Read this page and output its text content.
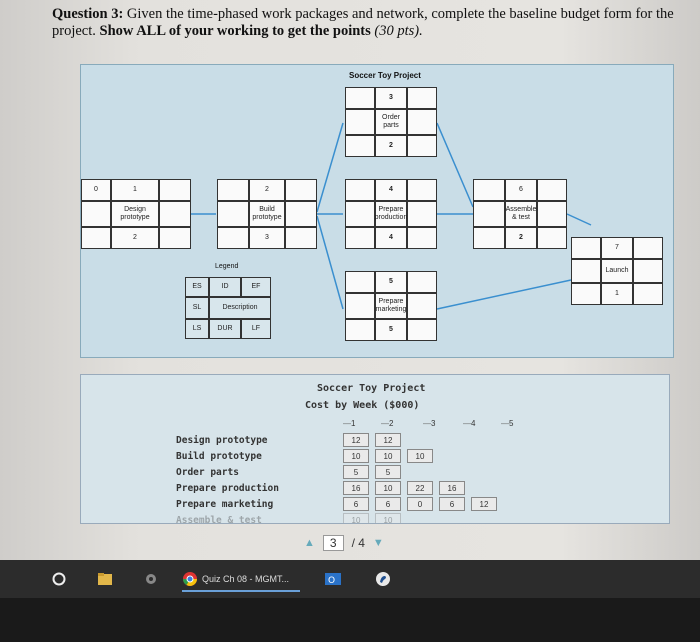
Question 3: Given the time-phased work packages and network, complete the baseline budget form for the project. Show ALL of your working to get the points (30 pts).
Soccer Toy Project
3
Order parts
2
0	1
Design prototype
2
2
Build prototype
3
4
Prepare production
4
5
Prepare marketing
5
6
Assemble & test
2
7
Launch
1
Legend
ES	ID	EF
SL	Description
LS	DUR	LF
Soccer Toy Project
Cost by Week ($000)
—1	—2	—3	—4	—5
Design prototype	12	12
Build prototype	10	10	10
Order parts	5	5
Prepare production	16	10	22	16
Prepare marketing	6	6	0	6	12
Assemble & test	10	10
▲	3	/ 4 ▼
Quiz Ch 08 - MGMT...	O
